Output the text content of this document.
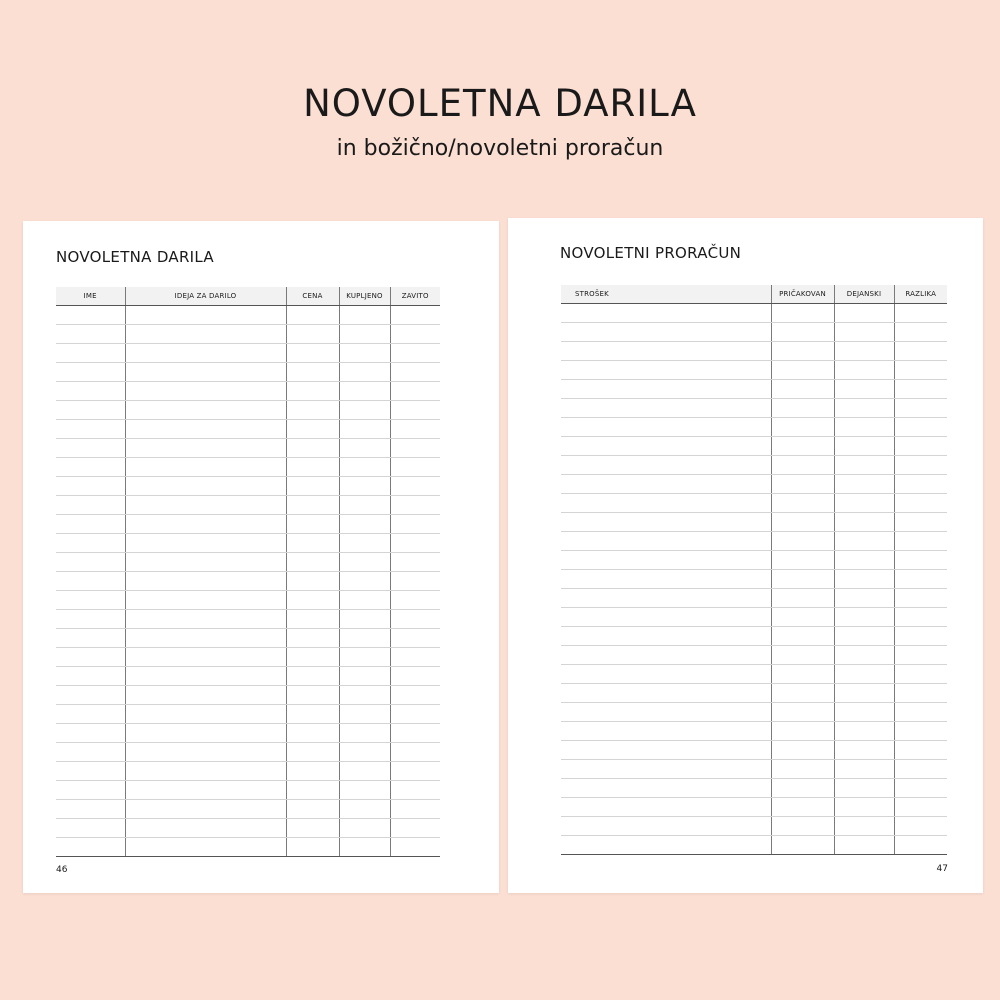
NOVOLETNA DARILA

in božično/novoletni proračun

NOVOLETNA DARILA
IME	IDEJA ZA DARILO	CENA	KUPLJENO	ZAVITO

46

NOVOLETNI PRORAČUN
STROŠEK	PRIČAKOVAN	DEJANSKI	RAZLIKA

47
